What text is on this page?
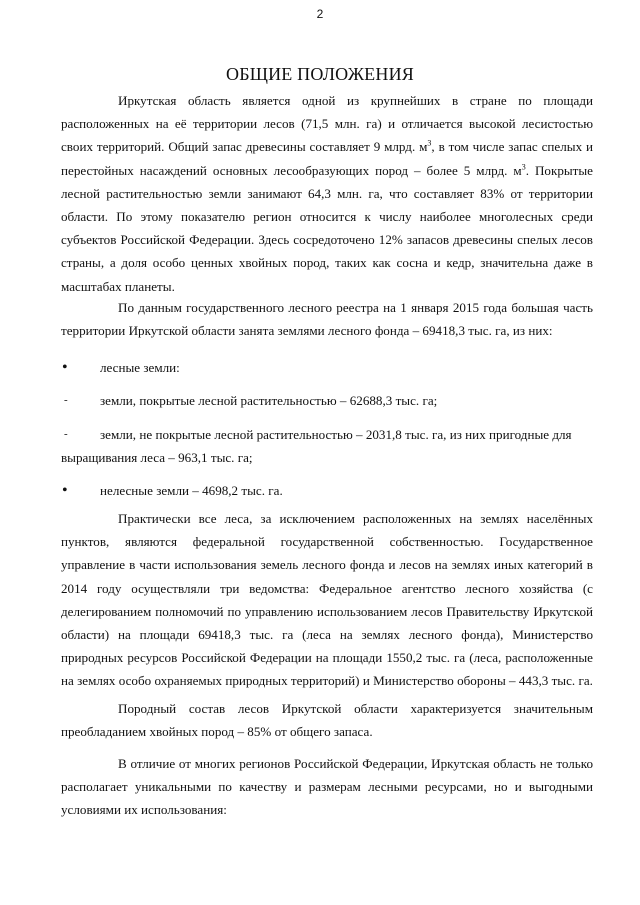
2
ОБЩИЕ ПОЛОЖЕНИЯ

Иркутская область является одной из крупнейших в стране по площади расположенных на её территории лесов (71,5 млн. га) и отличается высокой лесистостью своих территорий. Общий запас древесины составляет 9 млрд. $м^3$, в том числе запас спелых и перестойных насаждений основных лесообразующих пород – более 5 млрд. $м^3$. Покрытые лесной растительностью земли занимают 64,3 млн. га, что составляет 83% от территории области. По этому показателю регион относится к числу наиболее многолесных среди субъектов Российской Федерации. Здесь сосредоточено 12% запасов древесины спелых лесов страны, а доля особо ценных хвойных пород, таких как сосна и кедр, значительна даже в масштабах планеты.

По данным государственного лесного реестра на 1 января 2015 года большая часть территории Иркутской области занята землями лесного фонда – 69418,3 тыс. га, из них:

•	лесные земли:
-	земли, покрытые лесной растительностью – 62688,3 тыс. га;
-	земли, не покрытые лесной растительностью – 2031,8 тыс. га, из них пригодные для
выращивания леса – 963,1 тыс. га;
•	нелесные земли – 4698,2 тыс. га.

Практически все леса, за исключением расположенных на землях населённых пунктов, являются федеральной государственной собственностью. Государственное управление в части использования земель лесного фонда и лесов на землях иных категорий в 2014 году осуществляли три ведомства: Федеральное агентство лесного хозяйства (с делегированием полномочий по управлению использованием лесов Правительству Иркутской области) на площади 69418,3 тыс. га (леса на землях лесного фонда), Министерство природных ресурсов Российской Федерации на площади 1550,2 тыс. га (леса, расположенные на землях особо охраняемых природных территорий) и Министерство обороны – 443,3 тыс. га.

Породный состав лесов Иркутской области характеризуется значительным преобладанием хвойных пород – 85% от общего запаса.

В отличие от многих регионов Российской Федерации, Иркутская область не только располагает уникальными по качеству и размерам лесными ресурсами, но и выгодными условиями их использования:
